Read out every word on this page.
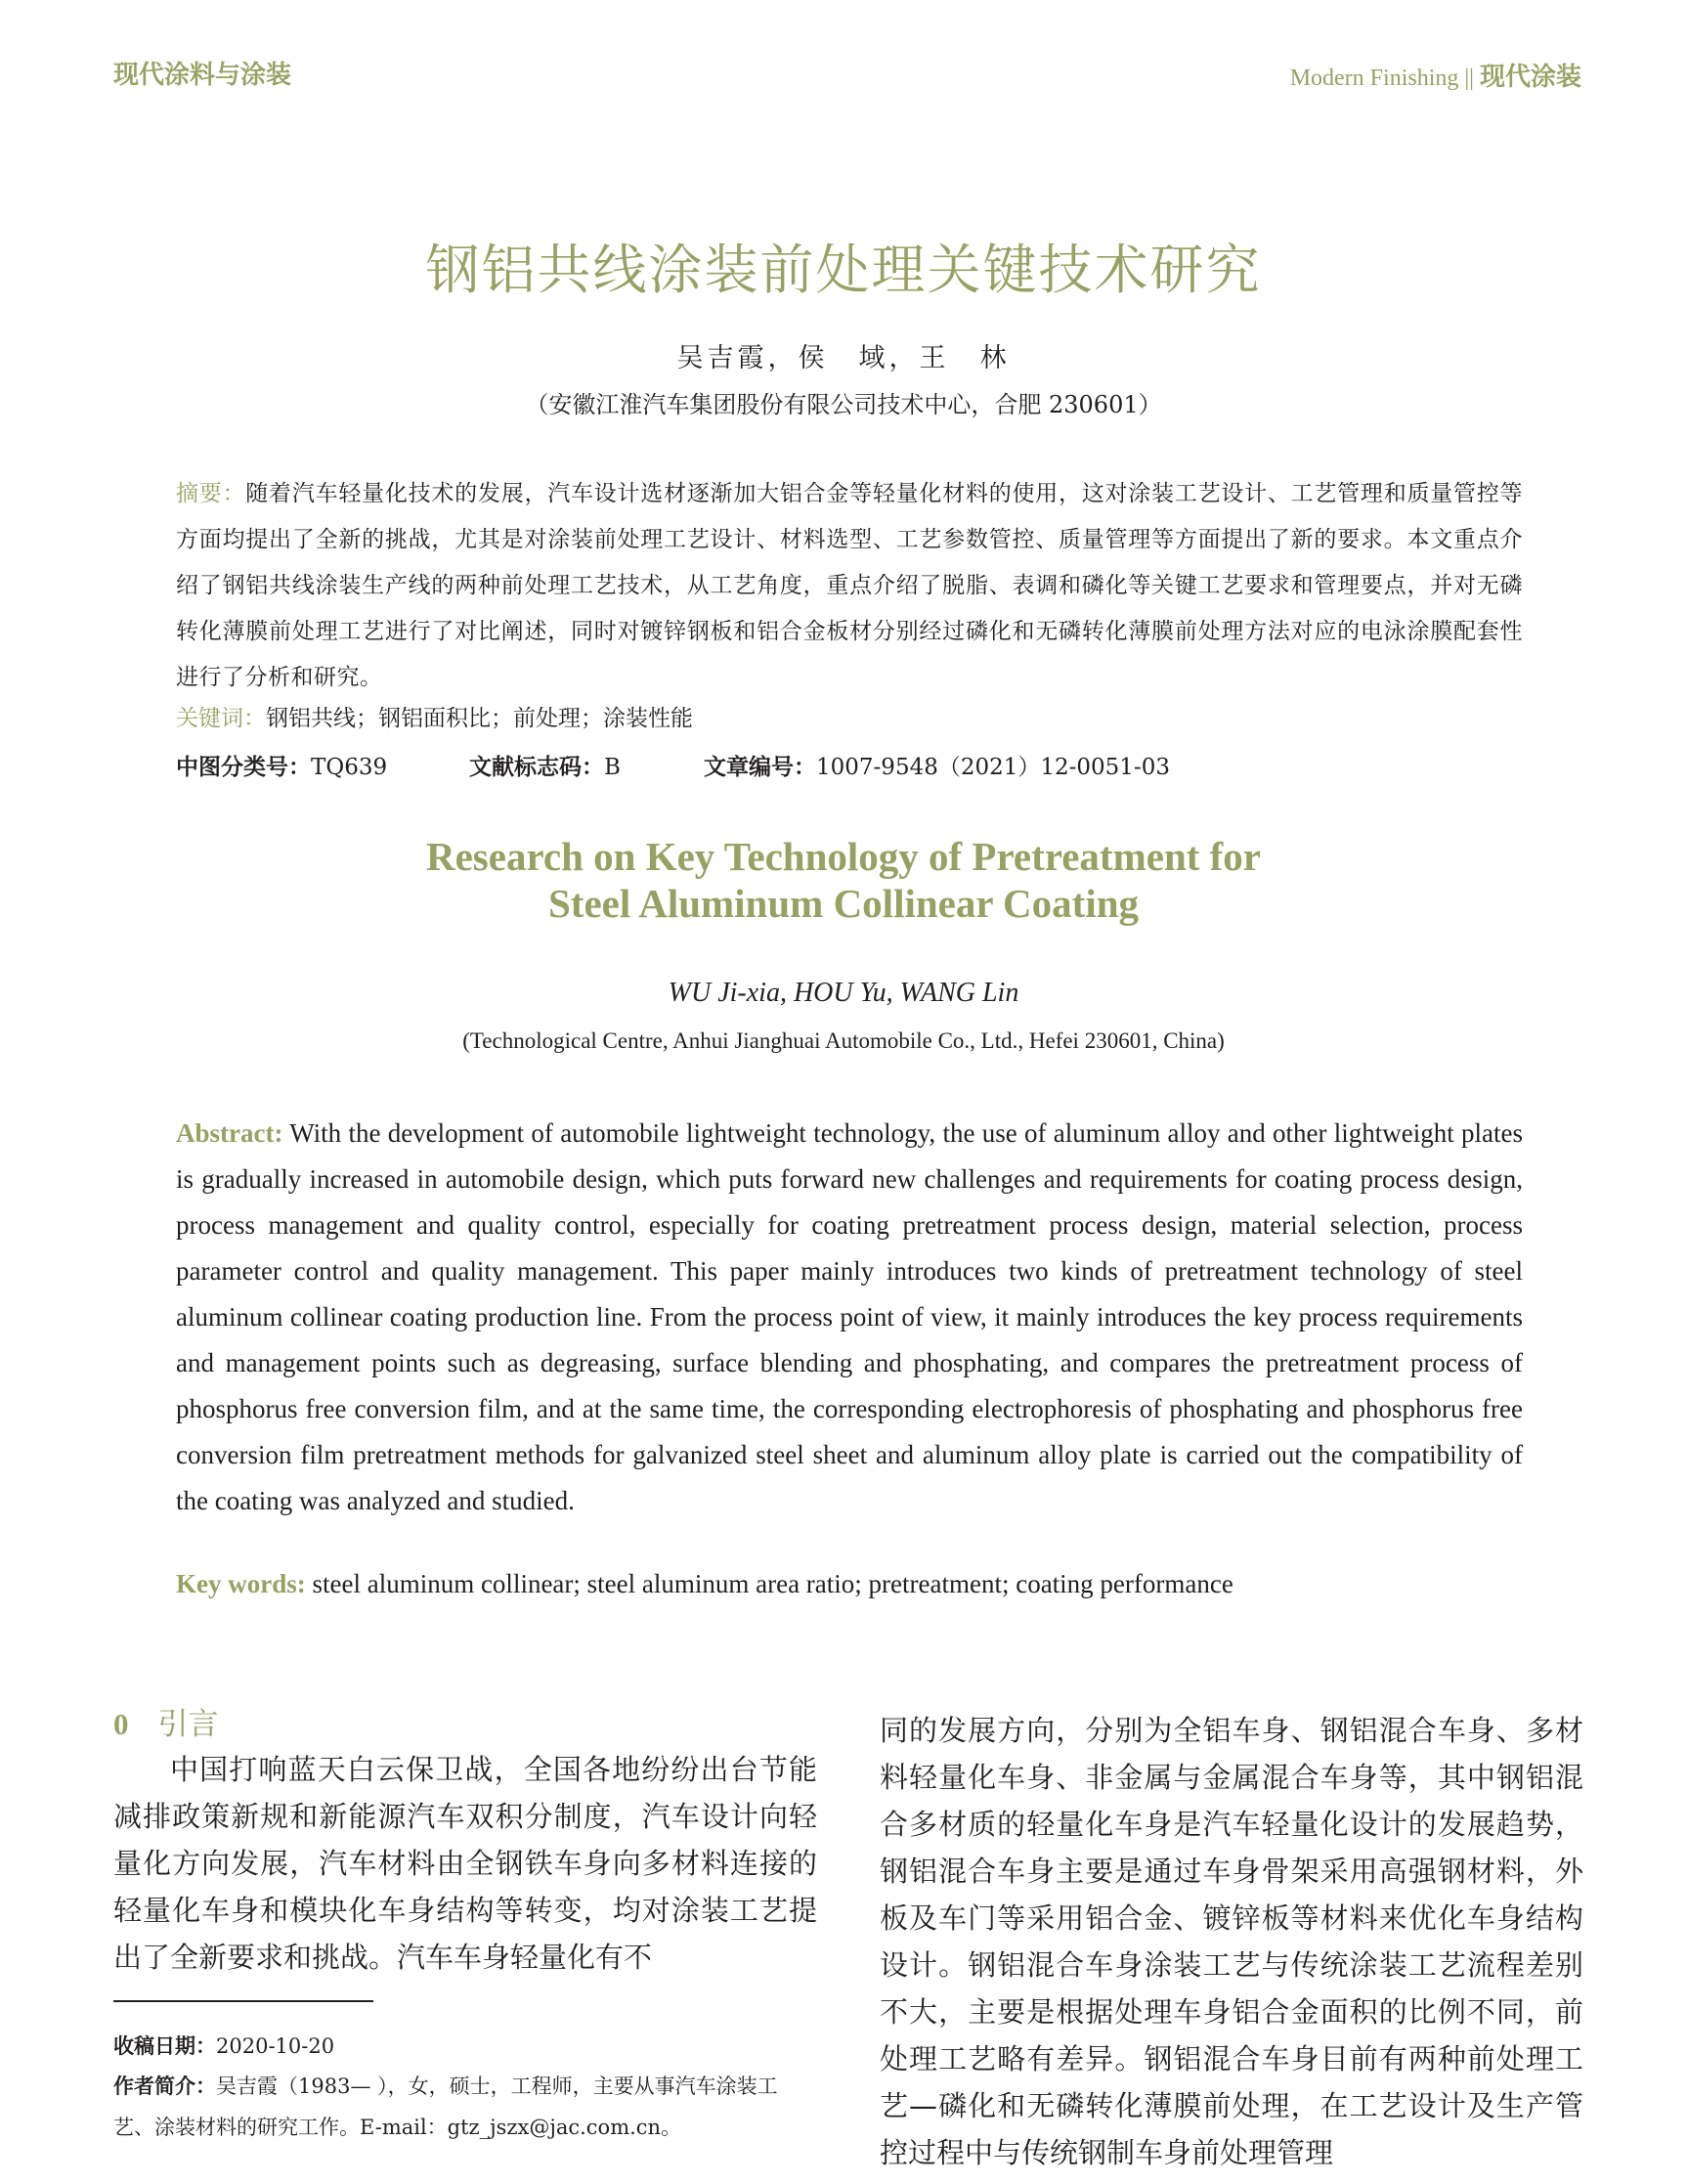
现代涂料与涂装	Modern Finishing || 现代涂装
钢铝共线涂装前处理关键技术研究
吴吉霞，侯　域，王　林
（安徽江淮汽车集团股份有限公司技术中心，合肥 230601）
摘要：随着汽车轻量化技术的发展，汽车设计选材逐渐加大铝合金等轻量化材料的使用，这对涂装工艺设计、工艺管理和质量管控等方面均提出了全新的挑战，尤其是对涂装前处理工艺设计、材料选型、工艺参数管控、质量管理等方面提出了新的要求。本文重点介绍了钢铝共线涂装生产线的两种前处理工艺技术，从工艺角度，重点介绍了脱脂、表调和磷化等关键工艺要求和管理要点，并对无磷转化薄膜前处理工艺进行了对比阐述，同时对镀锌钢板和铝合金板材分别经过磷化和无磷转化薄膜前处理方法对应的电泳涂膜配套性进行了分析和研究。
关键词：钢铝共线；钢铝面积比；前处理；涂装性能
中图分类号：TQ639	文献标志码：B	文章编号：1007-9548（2021）12-0051-03
Research on Key Technology of Pretreatment for
Steel Aluminum Collinear Coating
WU Ji-xia, HOU Yu, WANG Lin
(Technological Centre, Anhui Jianghuai Automobile Co., Ltd., Hefei 230601, China)
Abstract: With the development of automobile lightweight technology, the use of aluminum alloy and other lightweight plates is gradually increased in automobile design, which puts forward new challenges and requirements for coating process design, process management and quality control, especially for coating pretreatment process design, material selection, process parameter control and quality management. This paper mainly introduces two kinds of pretreatment technology of steel aluminum collinear coating production line. From the process point of view, it mainly introduces the key process requirements and management points such as degreasing, surface blending and phosphating, and compares the pretreatment process of phosphorus free conversion film, and at the same time, the corresponding electrophoresis of phosphating and phosphorus free conversion film pretreatment methods for galvanized steel sheet and aluminum alloy plate is carried out the compatibility of the coating was analyzed and studied.
Key words: steel aluminum collinear; steel aluminum area ratio; pretreatment; coating performance
0 引言

中国打响蓝天白云保卫战，全国各地纷纷出台节能减排政策新规和新能源汽车双积分制度，汽车设计向轻量化方向发展，汽车材料由全钢铁车身向多材料连接的轻量化车身和模块化车身结构等转变，均对涂装工艺提出了全新要求和挑战。汽车车身轻量化有不

收稿日期：2020-10-20
作者简介：吴吉霞（1983— ），女，硕士，工程师，主要从事汽车涂装工艺、涂装材料的研究工作。E-mail：gtz_jszx@jac.com.cn。

同的发展方向，分别为全铝车身、钢铝混合车身、多材料轻量化车身、非金属与金属混合车身等，其中钢铝混合多材质的轻量化车身是汽车轻量化设计的发展趋势，钢铝混合车身主要是通过车身骨架采用高强钢材料，外板及车门等采用铝合金、镀锌板等材料来优化车身结构设计。钢铝混合车身涂装工艺与传统涂装工艺流程差别不大，主要是根据处理车身铝合金面积的比例不同，前处理工艺略有差异。钢铝混合车身目前有两种前处理工艺—磷化和无磷转化薄膜前处理，在工艺设计及生产管控过程中与传统钢制车身前处理管理
